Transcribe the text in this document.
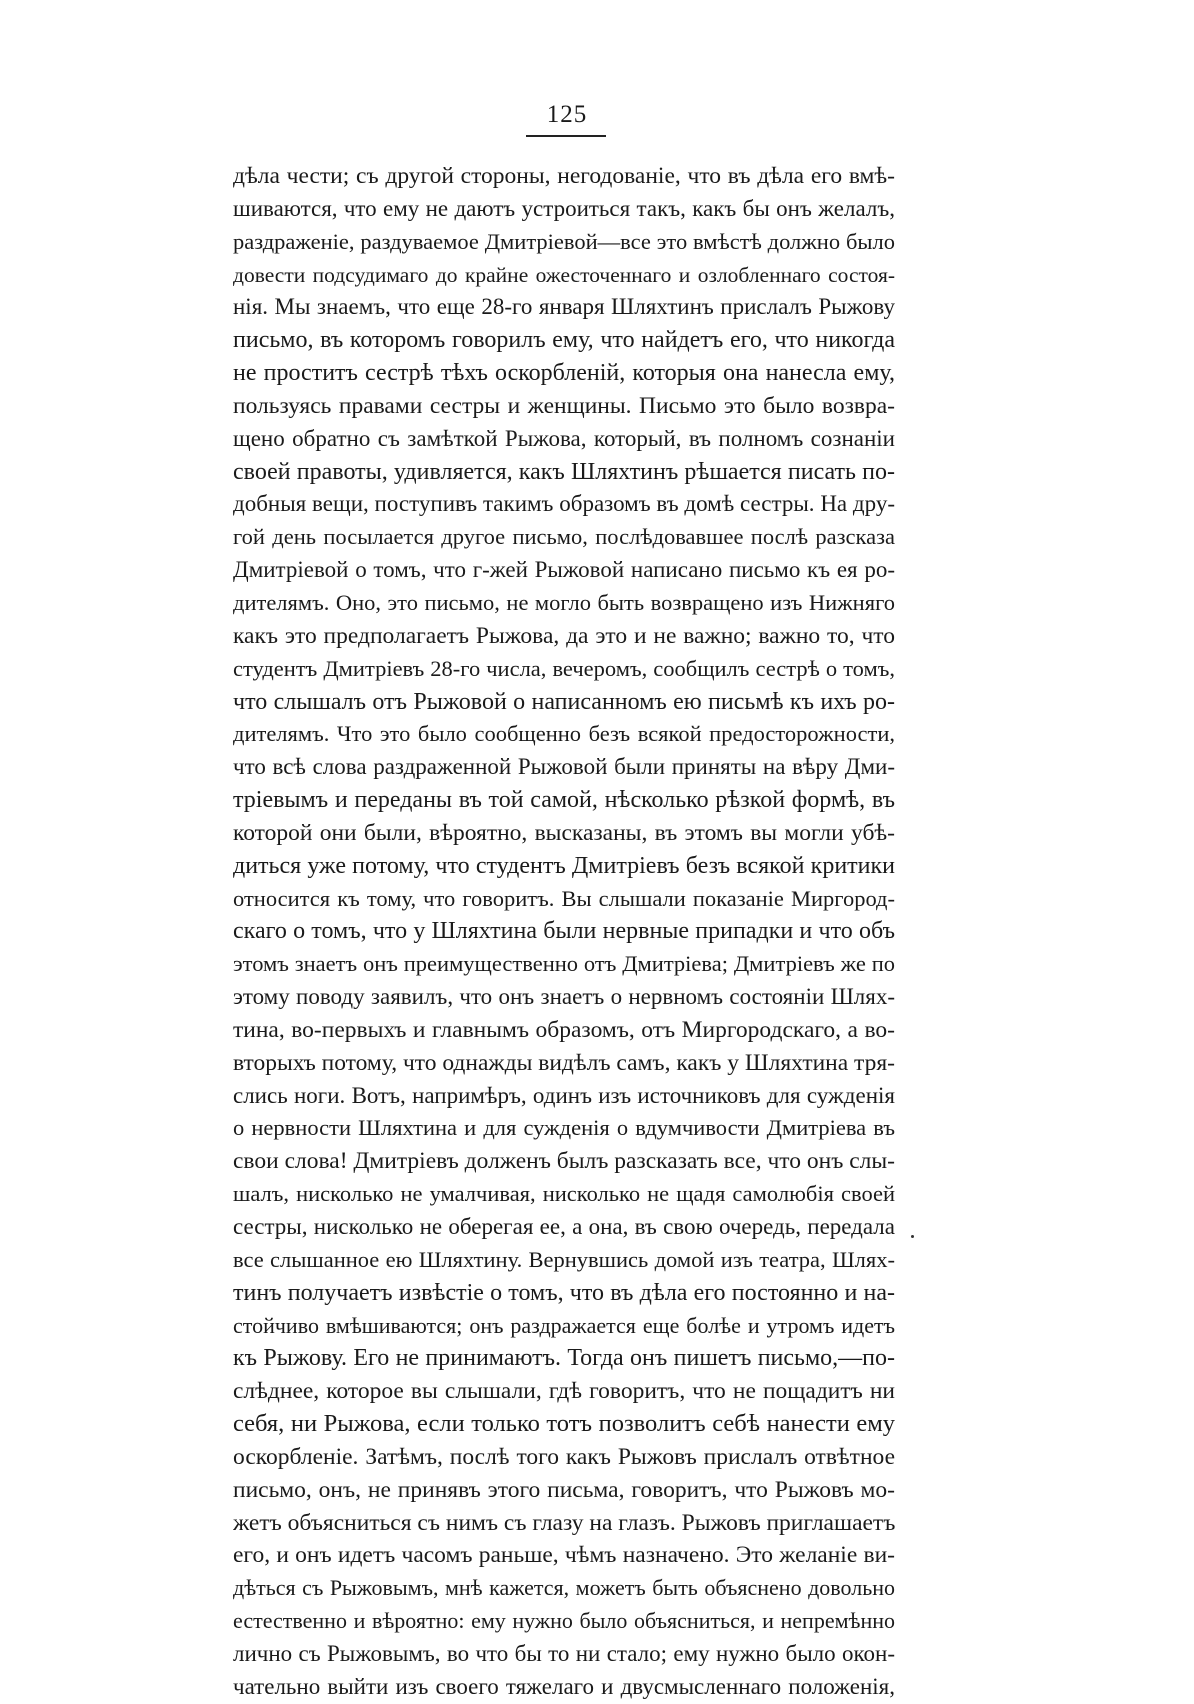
125
дѣла чести; съ другой стороны, негодованіе, что въ дѣла его вмѣ-
шиваются, что ему не даютъ устроиться такъ, какъ бы онъ желалъ,
раздраженіе, раздуваемое Дмитріевой—все это вмѣстѣ должно было
довести подсудимаго до крайне ожесточеннаго и озлобленнаго состоя-
нія. Мы знаемъ, что еще 28-го января Шляхтинъ прислалъ Рыжову
письмо, въ которомъ говорилъ ему, что найдетъ его, что никогда
не проститъ сестрѣ тѣхъ оскорбленій, которыя она нанесла ему,
пользуясь правами сестры и женщины. Письмо это было возвра-
щено обратно съ замѣткой Рыжова, который, въ полномъ сознаніи
своей правоты, удивляется, какъ Шляхтинъ рѣшается писать по-
добныя вещи, поступивъ такимъ образомъ въ домѣ сестры. На дру-
гой день посылается другое письмо, послѣдовавшее послѣ разсказа
Дмитріевой о томъ, что г-жей Рыжовой написано письмо къ ея ро-
дителямъ. Оно, это письмо, не могло быть возвращено изъ Нижняго
какъ это предполагаетъ Рыжова, да это и не важно; важно то, что
студентъ Дмитріевъ 28-го числа, вечеромъ, сообщилъ сестрѣ о томъ,
что слышалъ отъ Рыжовой о написанномъ ею письмѣ къ ихъ ро-
дителямъ. Что это было сообщенно безъ всякой предосторожности,
что всѣ слова раздраженной Рыжовой были приняты на вѣру Дми-
тріевымъ и переданы въ той самой, нѣсколько рѣзкой формѣ, въ
которой они были, вѣроятно, высказаны, въ этомъ вы могли убѣ-
диться уже потому, что студентъ Дмитріевъ безъ всякой критики
относится къ тому, что говоритъ. Вы слышали показаніе Миргород-
скаго о томъ, что у Шляхтина были нервные припадки и что объ
этомъ знаетъ онъ преимущественно отъ Дмитріева; Дмитріевъ же по
этому поводу заявилъ, что онъ знаетъ о нервномъ состояніи Шлях-
тина, во-первыхъ и главнымъ образомъ, отъ Миргородскаго, а во-
вторыхъ потому, что однажды видѣлъ самъ, какъ у Шляхтина тря-
слись ноги. Вотъ, напримѣръ, одинъ изъ источниковъ для сужденія
о нервности Шляхтина и для сужденія о вдумчивости Дмитріева въ
свои слова! Дмитріевъ долженъ былъ разсказать все, что онъ слы-
шалъ, нисколько не умалчивая, нисколько не щадя самолюбія своей
сестры, нисколько не оберегая ее, а она, въ свою очередь, передала
все слышанное ею Шляхтину. Вернувшись домой изъ театра, Шлях-
тинъ получаетъ извѣстіе о томъ, что въ дѣла его постоянно и на-
стойчиво вмѣшиваются; онъ раздражается еще болѣе и утромъ идетъ
къ Рыжову. Его не принимаютъ. Тогда онъ пишетъ письмо,—по-
слѣднее, которое вы слышали, гдѣ говоритъ, что не пощадитъ ни
себя, ни Рыжова, если только тотъ позволитъ себѣ нанести ему
оскорбленіе. Затѣмъ, послѣ того какъ Рыжовъ прислалъ отвѣтное
письмо, онъ, не принявъ этого письма, говоритъ, что Рыжовъ мо-
жетъ объясниться съ нимъ съ глазу на глазъ. Рыжовъ приглашаетъ
его, и онъ идетъ часомъ раньше, чѣмъ назначено. Это желаніе ви-
дѣться съ Рыжовымъ, мнѣ кажется, можетъ быть объяснено довольно
естественно и вѣроятно: ему нужно было объясниться, и непремѣнно
лично съ Рыжовымъ, во что бы то ни стало; ему нужно было окон-
чательно выйти изъ своего тяжелаго и двусмысленнаго положенія,
